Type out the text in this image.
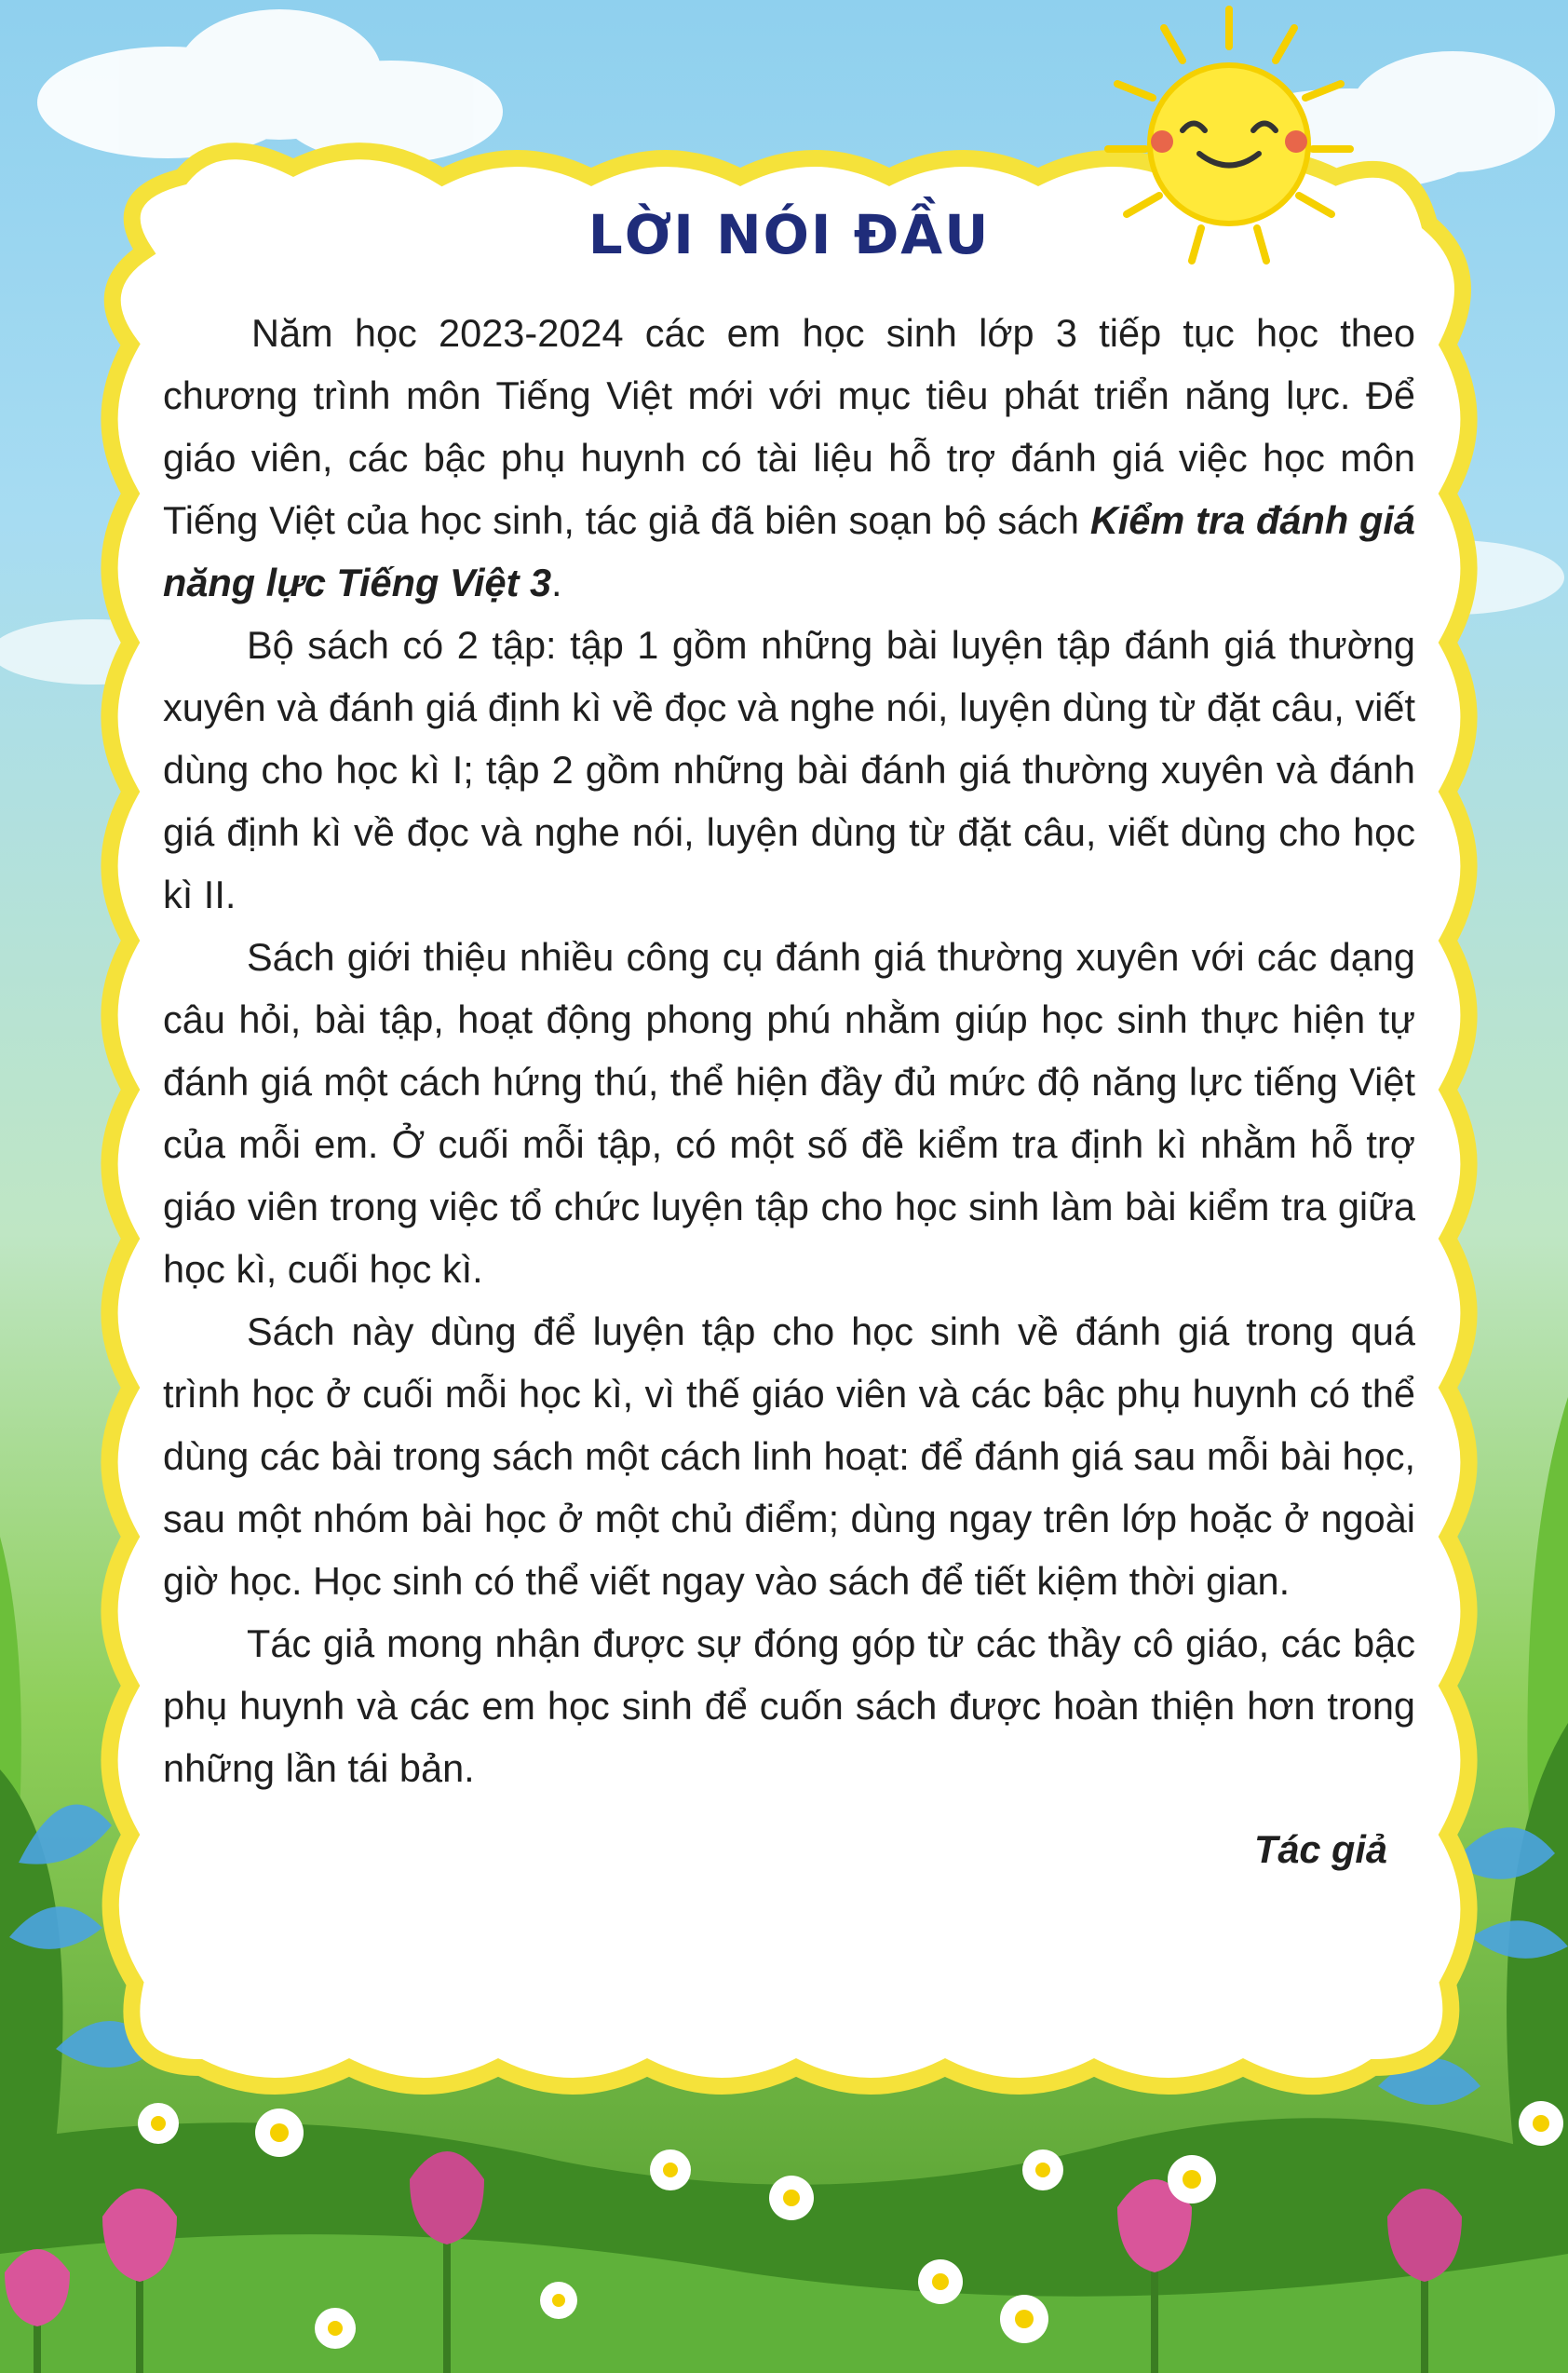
LỜI NÓI ĐẦU

Năm học 2023-2024 các em học sinh lớp 3 tiếp tục học theo chương trình môn Tiếng Việt mới với mục tiêu phát triển năng lực. Để giáo viên, các bậc phụ huynh có tài liệu hỗ trợ đánh giá việc học môn Tiếng Việt của học sinh, tác giả đã biên soạn bộ sách Kiểm tra đánh giá năng lực Tiếng Việt 3.

Bộ sách có 2 tập: tập 1 gồm những bài luyện tập đánh giá thường xuyên và đánh giá định kì về đọc và nghe nói, luyện dùng từ đặt câu, viết dùng cho học kì I; tập 2 gồm những bài đánh giá thường xuyên và đánh giá định kì về đọc và nghe nói, luyện dùng từ đặt câu, viết dùng cho học kì II.

Sách giới thiệu nhiều công cụ đánh giá thường xuyên với các dạng câu hỏi, bài tập, hoạt động phong phú nhằm giúp học sinh thực hiện tự đánh giá một cách hứng thú, thể hiện đầy đủ mức độ năng lực tiếng Việt của mỗi em. Ở cuối mỗi tập, có một số đề kiểm tra định kì nhằm hỗ trợ giáo viên trong việc tổ chức luyện tập cho học sinh làm bài kiểm tra giữa học kì, cuối học kì.

Sách này dùng để luyện tập cho học sinh về đánh giá trong quá trình học ở cuối mỗi học kì, vì thế giáo viên và các bậc phụ huynh có thể dùng các bài trong sách một cách linh hoạt: để đánh giá sau mỗi bài học, sau một nhóm bài học ở một chủ điểm; dùng ngay trên lớp hoặc ở ngoài giờ học. Học sinh có thể viết ngay vào sách để tiết kiệm thời gian.

Tác giả mong nhận được sự đóng góp từ các thầy cô giáo, các bậc phụ huynh và các em học sinh để cuốn sách được hoàn thiện hơn trong những lần tái bản.

Tác giả
